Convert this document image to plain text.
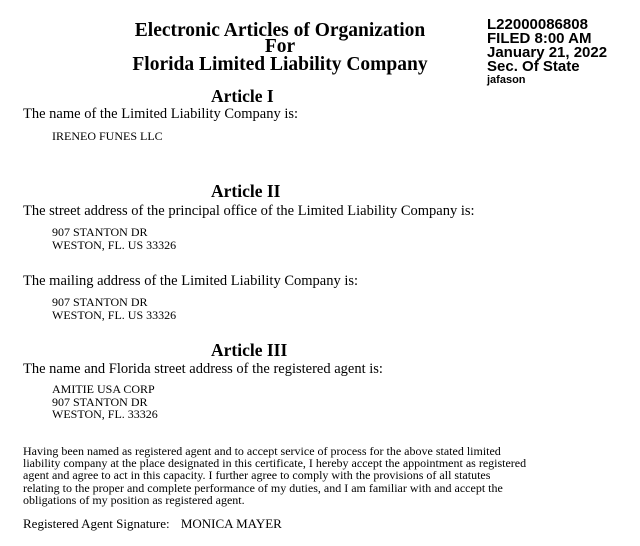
Electronic Articles of Organization
For
Florida Limited Liability Company
L22000086808
FILED 8:00 AM
January 21, 2022
Sec. Of State
jafason
Article I
The name of the Limited Liability Company is:
IRENEO FUNES LLC
Article II
The street address of the principal office of the Limited Liability Company is:
907 STANTON DR
WESTON, FL. US 33326
The mailing address of the Limited Liability Company is:
907 STANTON DR
WESTON, FL. US 33326
Article III
The name and Florida street address of the registered agent is:
AMITIE USA CORP
907 STANTON DR
WESTON, FL. 33326
Having been named as registered agent and to accept service of process for the above stated limited
liability company at the place designated in this certificate, I hereby accept the appointment as registered
agent and agree to act in this capacity. I further agree to comply with the provisions of all statutes
relating to the proper and complete performance of my duties, and I am familiar with and accept the
obligations of my position as registered agent.
Registered Agent Signature: MONICA MAYER
